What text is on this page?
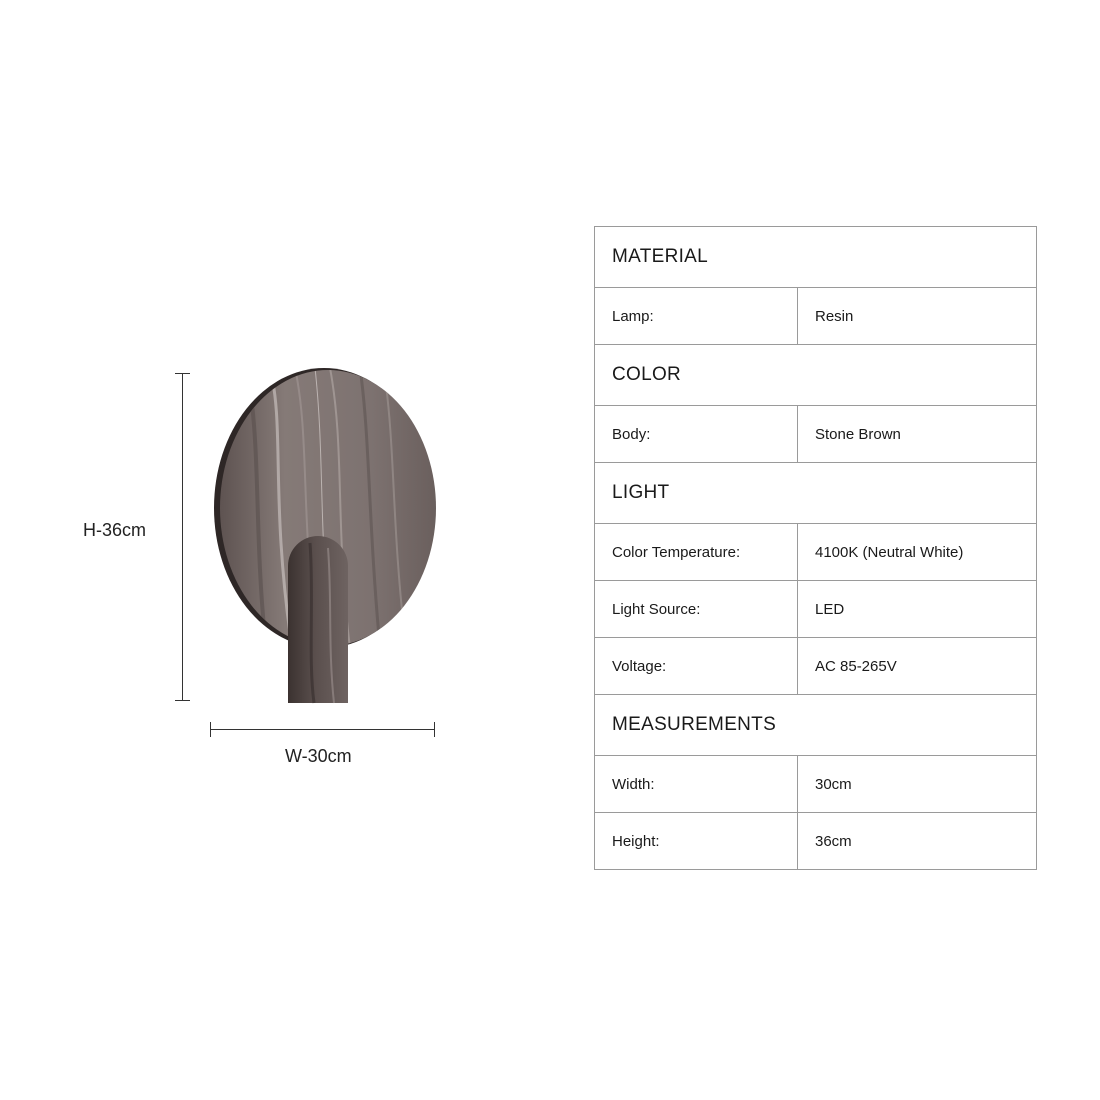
H-36cm
W-30cm
MATERIAL	
Lamp:	Resin
COLOR	
Body:	Stone Brown
LIGHT	
Color Temperature:	4100K (Neutral White)
Light Source:	LED
Voltage:	AC 85-265V
MEASUREMENTS	
Width:	30cm
Height:	36cm
